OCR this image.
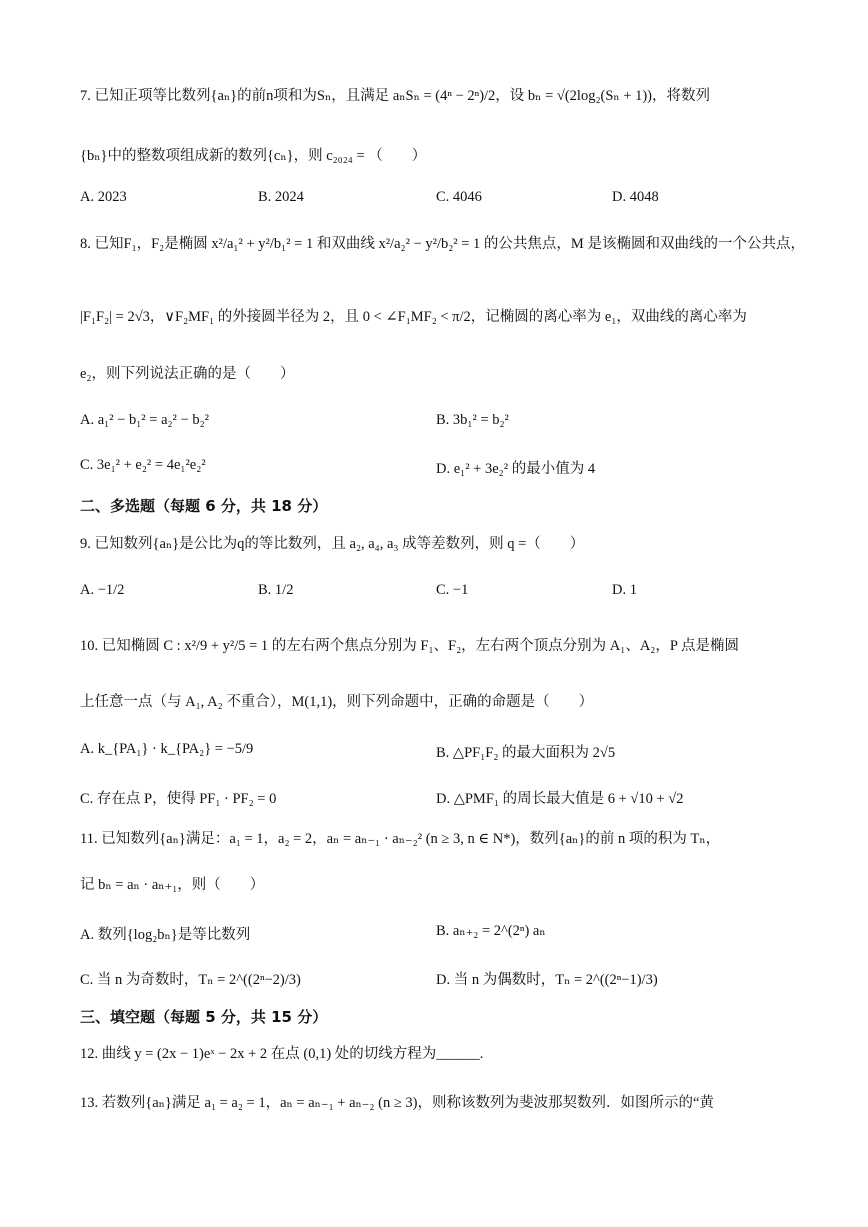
7. 已知正项等比数列{aₙ}的前n项和为Sₙ，且满足 aₙSₙ = (4ⁿ − 2ⁿ)/2，设 bₙ = √(2log₂(Sₙ + 1))，将数列
{bₙ}中的整数项组成新的数列{cₙ}，则 c₂₀₂₄ = （　　）
A. 2023	B. 2024	C. 4046	D. 4048
8. 已知F₁，F₂是椭圆 x²/a₁² + y²/b₁² = 1 和双曲线 x²/a₂² − y²/b₂² = 1 的公共焦点，M 是该椭圆和双曲线的一个公共点，
|F₁F₂| = 2√3，∨F₂MF₁ 的外接圆半径为 2，且 0 < ∠F₁MF₂ < π/2，记椭圆的离心率为 e₁，双曲线的离心率为
e₂，则下列说法正确的是（　　）
A. a₁² − b₁² = a₂² − b₂²	B. 3b₁² = b₂²
C. 3e₁² + e₂² = 4e₁²e₂²	D. e₁² + 3e₂² 的最小值为 4
二、多选题（每题 6 分，共 18 分）
9. 已知数列{aₙ}是公比为q的等比数列，且 a₂, a₄, a₃ 成等差数列，则 q =（　　）
A. −1/2	B. 1/2	C. −1	D. 1
10. 已知椭圆 C : x²/9 + y²/5 = 1 的左右两个焦点分别为 F₁、F₂，左右两个顶点分别为 A₁、A₂，P 点是椭圆
上任意一点（与 A₁, A₂ 不重合），M(1,1)，则下列命题中，正确的命题是（　　）
A. k_{PA₁} · k_{PA₂} = −5/9	B. △PF₁F₂ 的最大面积为 2√5
C. 存在点 P，使得 PF₁ · PF₂ = 0	D. △PMF₁ 的周长最大值是 6 + √10 + √2
11. 已知数列{aₙ}满足：a₁ = 1，a₂ = 2，aₙ = aₙ₋₁ · aₙ₋₂² (n ≥ 3, n ∈ N*)，数列{aₙ}的前 n 项的积为 Tₙ，
记 bₙ = aₙ · aₙ₊₁，则（　　）
A. 数列{log₂bₙ}是等比数列	B. aₙ₊₂ = 2^(2ⁿ) aₙ
C. 当 n 为奇数时，Tₙ = 2^((2ⁿ−2)/3)	D. 当 n 为偶数时，Tₙ = 2^((2ⁿ−1)/3)
三、填空题（每题 5 分，共 15 分）
12. 曲线 y = (2x − 1)eˣ − 2x + 2 在点 (0,1) 处的切线方程为______.
13. 若数列{aₙ}满足 a₁ = a₂ = 1，aₙ = aₙ₋₁ + aₙ₋₂ (n ≥ 3)，则称该数列为斐波那契数列．如图所示的“黄
